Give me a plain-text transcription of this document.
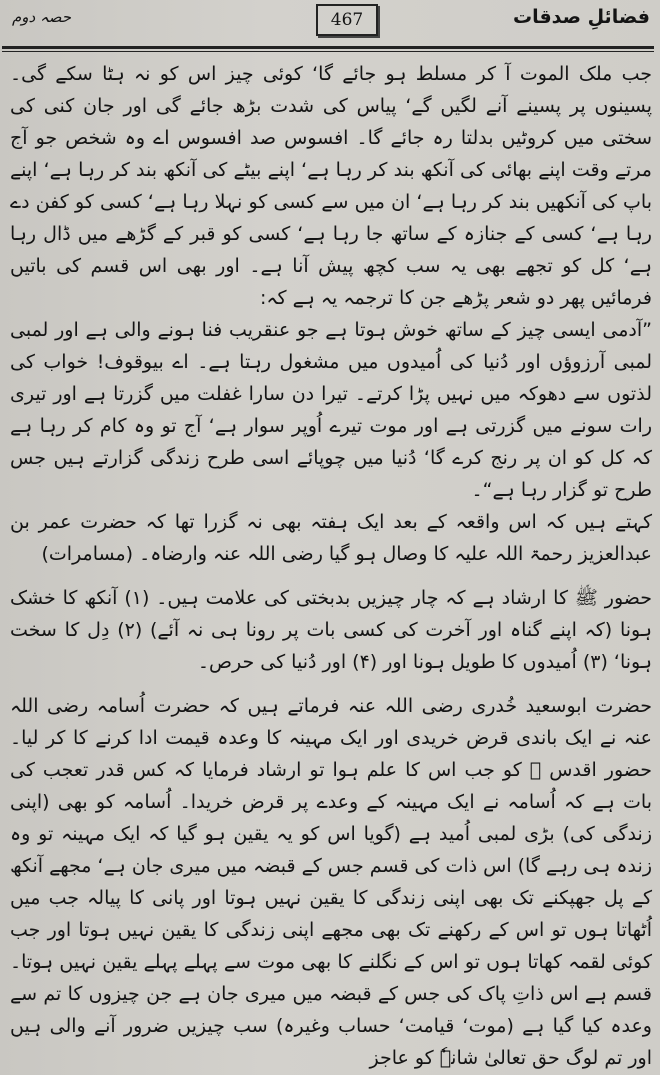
حصہ دوم	467	فضائلِ صدقات

جب ملک الموت آ کر مسلط ہو جائے گا‘ کوئی چیز اس کو نہ ہٹا سکے گی۔ پسینوں پر پسینے آنے لگیں گے‘ پیاس کی شدت بڑھ جائے گی اور جان کنی کی سختی میں کروٹیں بدلتا رہ جائے گا۔ افسوس صد افسوس اے وہ شخص جو آج مرتے وقت اپنے بھائی کی آنکھ بند کر رہا ہے‘ اپنے بیٹے کی آنکھ بند کر رہا ہے‘ اپنے باپ کی آنکھیں بند کر رہا ہے‘ ان میں سے کسی کو نہلا رہا ہے‘ کسی کو کفن دے رہا ہے‘ کسی کے جنازہ کے ساتھ جا رہا ہے‘ کسی کو قبر کے گڑھے میں ڈال رہا ہے‘ کل کو تجھے بھی یہ سب کچھ پیش آنا ہے۔ اور بھی اس قسم کی باتیں فرمائیں پھر دو شعر پڑھے جن کا ترجمہ یہ ہے کہ:

”آدمی ایسی چیز کے ساتھ خوش ہوتا ہے جو عنقریب فنا ہونے والی ہے اور لمبی لمبی آرزوؤں اور دُنیا کی اُمیدوں میں مشغول رہتا ہے۔ اے بیوقوف! خواب کی لذتوں سے دھوکہ میں نہیں پڑا کرتے۔ تیرا دن سارا غفلت میں گزرتا ہے اور تیری رات سونے میں گزرتی ہے اور موت تیرے اُوپر سوار ہے‘ آج تو وہ کام کر رہا ہے کہ کل کو ان پر رنج کرے گا‘ دُنیا میں چوپائے اسی طرح زندگی گزارتے ہیں جس طرح تو گزار رہا ہے“۔

کہتے ہیں کہ اس واقعہ کے بعد ایک ہفتہ بھی نہ گزرا تھا کہ حضرت عمر بن عبدالعزیز رحمۃ اللہ علیہ کا وصال ہو گیا رضی اللہ عنہ وارضاہ۔ (مسامرات)

حضور ﷺ کا ارشاد ہے کہ چار چیزیں بدبختی کی علامت ہیں۔ (۱) آنکھ کا خشک ہونا (کہ اپنے گناہ اور آخرت کی کسی بات پر رونا ہی نہ آئے) (۲) دِل کا سخت ہونا‘ (۳) اُمیدوں کا طویل ہونا اور (۴) اور دُنیا کی حرص۔

حضرت ابوسعید خُدری رضی اللہ عنہ فرماتے ہیں کہ حضرت اُسامہ رضی اللہ عنہ نے ایک باندی قرض خریدی اور ایک مہینہ کا وعدہ قیمت ادا کرنے کا کر لیا۔ حضور اقدس ﷺ کو جب اس کا علم ہوا تو ارشاد فرمایا کہ کس قدر تعجب کی بات ہے کہ اُسامہ نے ایک مہینہ کے وعدے پر قرض خریدا۔ اُسامہ کو بھی (اپنی زندگی کی) بڑی لمبی اُمید ہے (گویا اس کو یہ یقین ہو گیا کہ ایک مہینہ تو وہ زندہ ہی رہے گا) اس ذات کی قسم جس کے قبضہ میں میری جان ہے‘ مجھے آنکھ کے پل جھپکنے تک بھی اپنی زندگی کا یقین نہیں ہوتا اور پانی کا پیالہ جب میں اُٹھاتا ہوں تو اس کے رکھنے تک بھی مجھے اپنی زندگی کا یقین نہیں ہوتا اور جب کوئی لقمہ کھاتا ہوں تو اس کے نگلنے کا بھی موت سے پہلے پہلے یقین نہیں ہوتا۔ قسم ہے اس ذاتِ پاک کی جس کے قبضہ میں میری جان ہے جن چیزوں کا تم سے وعدہ کیا گیا ہے (موت‘ قیامت‘ حساب وغیرہ) سب چیزیں ضرور آنے والی ہیں اور تم لوگ حق تعالیٰ شانہٗ کو عاجز
